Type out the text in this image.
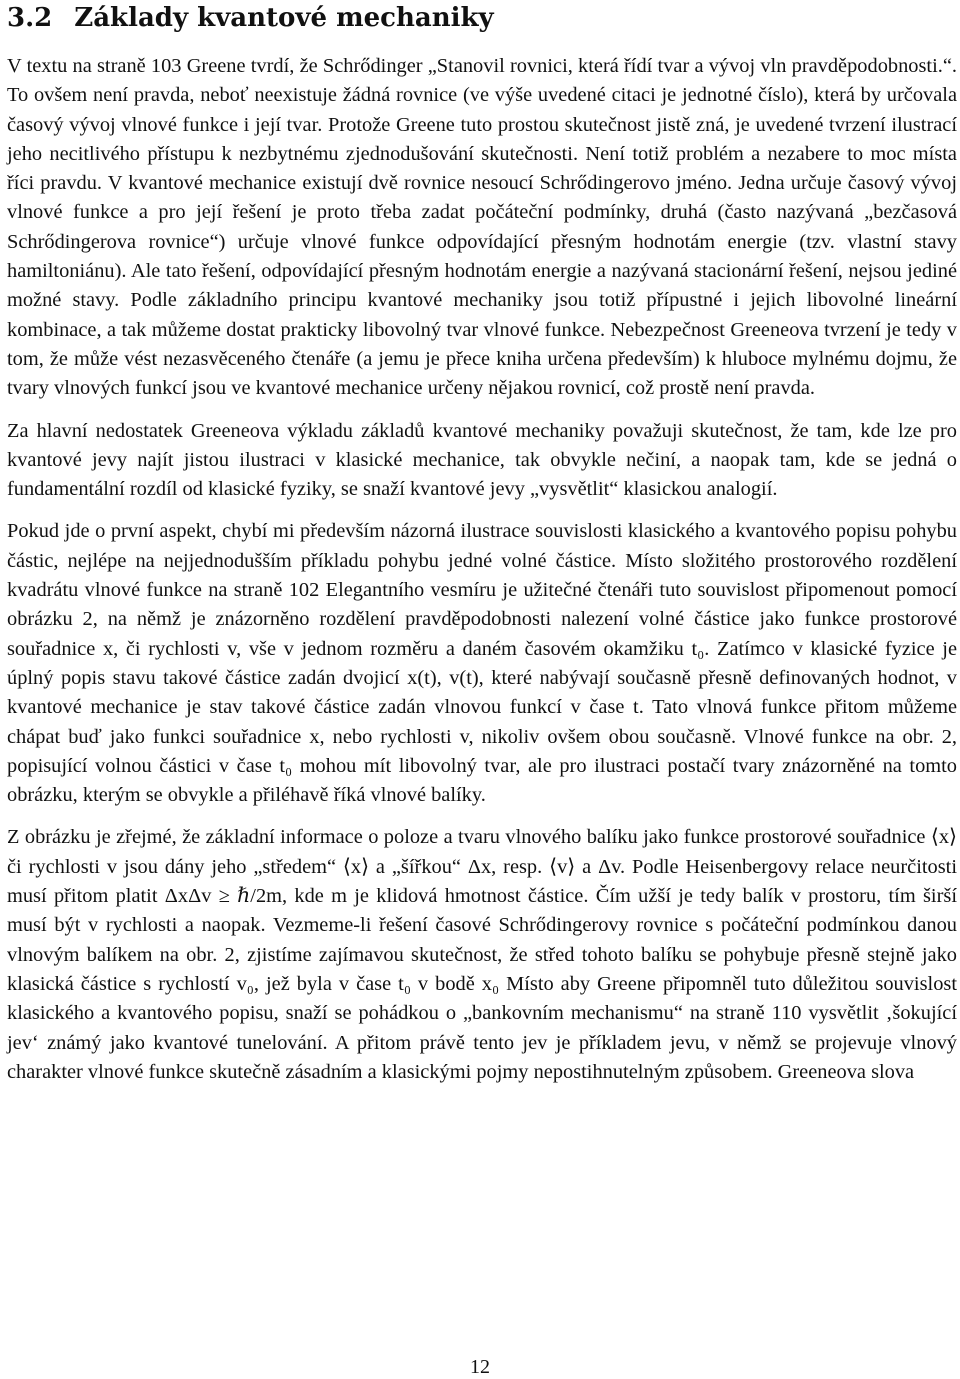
3.2 Základy kvantové mechaniky

V textu na straně 103 Greene tvrdí, že Schrődinger „Stanovil rovnici, která řídí tvar a vývoj vln pravděpodobnosti.“. To ovšem není pravda, neboť neexistuje žádná rovnice (ve výše uvedené citaci je jednotné číslo), která by určovala časový vývoj vlnové funkce i její tvar. Protože Greene tuto prostou skutečnost jistě zná, je uvedené tvrzení ilustrací jeho necitlivého přístupu k nezbytnému zjednodušování skutečnosti. Není totiž problém a nezabere to moc místa říci pravdu. V kvantové mechanice existují dvě rovnice nesoucí Schrődingerovo jméno. Jedna určuje časový vývoj vlnové funkce a pro její řešení je proto třeba zadat počáteční podmínky, druhá (často nazývaná „bezčasová Schrődingerova rovnice“) určuje vlnové funkce odpovídající přesným hodnotám energie (tzv. vlastní stavy hamiltoniánu). Ale tato řešení, odpovídající přesným hodnotám energie a nazývaná stacionární řešení, nejsou jediné možné stavy. Podle základního principu kvantové mechaniky jsou totiž přípustné i jejich libovolné lineární kombinace, a tak můžeme dostat prakticky libovolný tvar vlnové funkce. Nebezpečnost Greeneova tvrzení je tedy v tom, že může vést nezasvěceného čtenáře (a jemu je přece kniha určena především) k hluboce mylnému dojmu, že tvary vlnových funkcí jsou ve kvantové mechanice určeny nějakou rovnicí, což prostě není pravda.

Za hlavní nedostatek Greeneova výkladu základů kvantové mechaniky považuji skutečnost, že tam, kde lze pro kvantové jevy najít jistou ilustraci v klasické mechanice, tak obvykle nečiní, a naopak tam, kde se jedná o fundamentální rozdíl od klasické fyziky, se snaží kvantové jevy „vysvětlit“ klasickou analogií.

Pokud jde o první aspekt, chybí mi především názorná ilustrace souvislosti klasického a kvantového popisu pohybu částic, nejlépe na nejjednodušším příkladu pohybu jedné volné částice. Místo složitého prostorového rozdělení kvadrátu vlnové funkce na straně 102 Elegantního vesmíru je užitečné čtenáři tuto souvislost připomenout pomocí obrázku 2, na němž je znázorněno rozdělení pravděpodobnosti nalezení volné částice jako funkce prostorové souřadnice x, či rychlosti v, vše v jednom rozměru a daném časovém okamžiku t₀. Zatímco v klasické fyzice je úplný popis stavu takové částice zadán dvojicí x(t), v(t), které nabývají současně přesně definovaných hodnot, v kvantové mechanice je stav takové částice zadán vlnovou funkcí v čase t. Tato vlnová funkce přitom můžeme chápat buď jako funkci souřadnice x, nebo rychlosti v, nikoliv ovšem obou současně. Vlnové funkce na obr. 2, popisující volnou částici v čase t₀ mohou mít libovolný tvar, ale pro ilustraci postačí tvary znázorněné na tomto obrázku, kterým se obvykle a přiléhavě říká vlnové balíky.

Z obrázku je zřejmé, že základní informace o poloze a tvaru vlnového balíku jako funkce prostorové souřadnice ⟨x⟩ či rychlosti v jsou dány jeho „středem“ ⟨x⟩ a „šířkou“ Δx, resp. ⟨v⟩ a Δv. Podle Heisenbergovy relace neurčitosti musí přitom platit ΔxΔv ≥ ℏ/2m, kde m je klidová hmotnost částice. Čím užší je tedy balík v prostoru, tím širší musí být v rychlosti a naopak. Vezmeme-li řešení časové Schrődingerovy rovnice s počáteční podmínkou danou vlnovým balíkem na obr. 2, zjistíme zajímavou skutečnost, že střed tohoto balíku se pohybuje přesně stejně jako klasická částice s rychlostí v₀, jež byla v čase t₀ v bodě x₀ Místo aby Greene připomněl tuto důležitou souvislost klasického a kvantového popisu, snaží se pohádkou o „bankovním mechanismu“ na straně 110 vysvětlit ‚šokující jev‘ známý jako kvantové tunelování. A přitom právě tento jev je příkladem jevu, v němž se projevuje vlnový charakter vlnové funkce skutečně zásadním a klasickými pojmy nepostihnutelným způsobem. Greeneova slova

12
